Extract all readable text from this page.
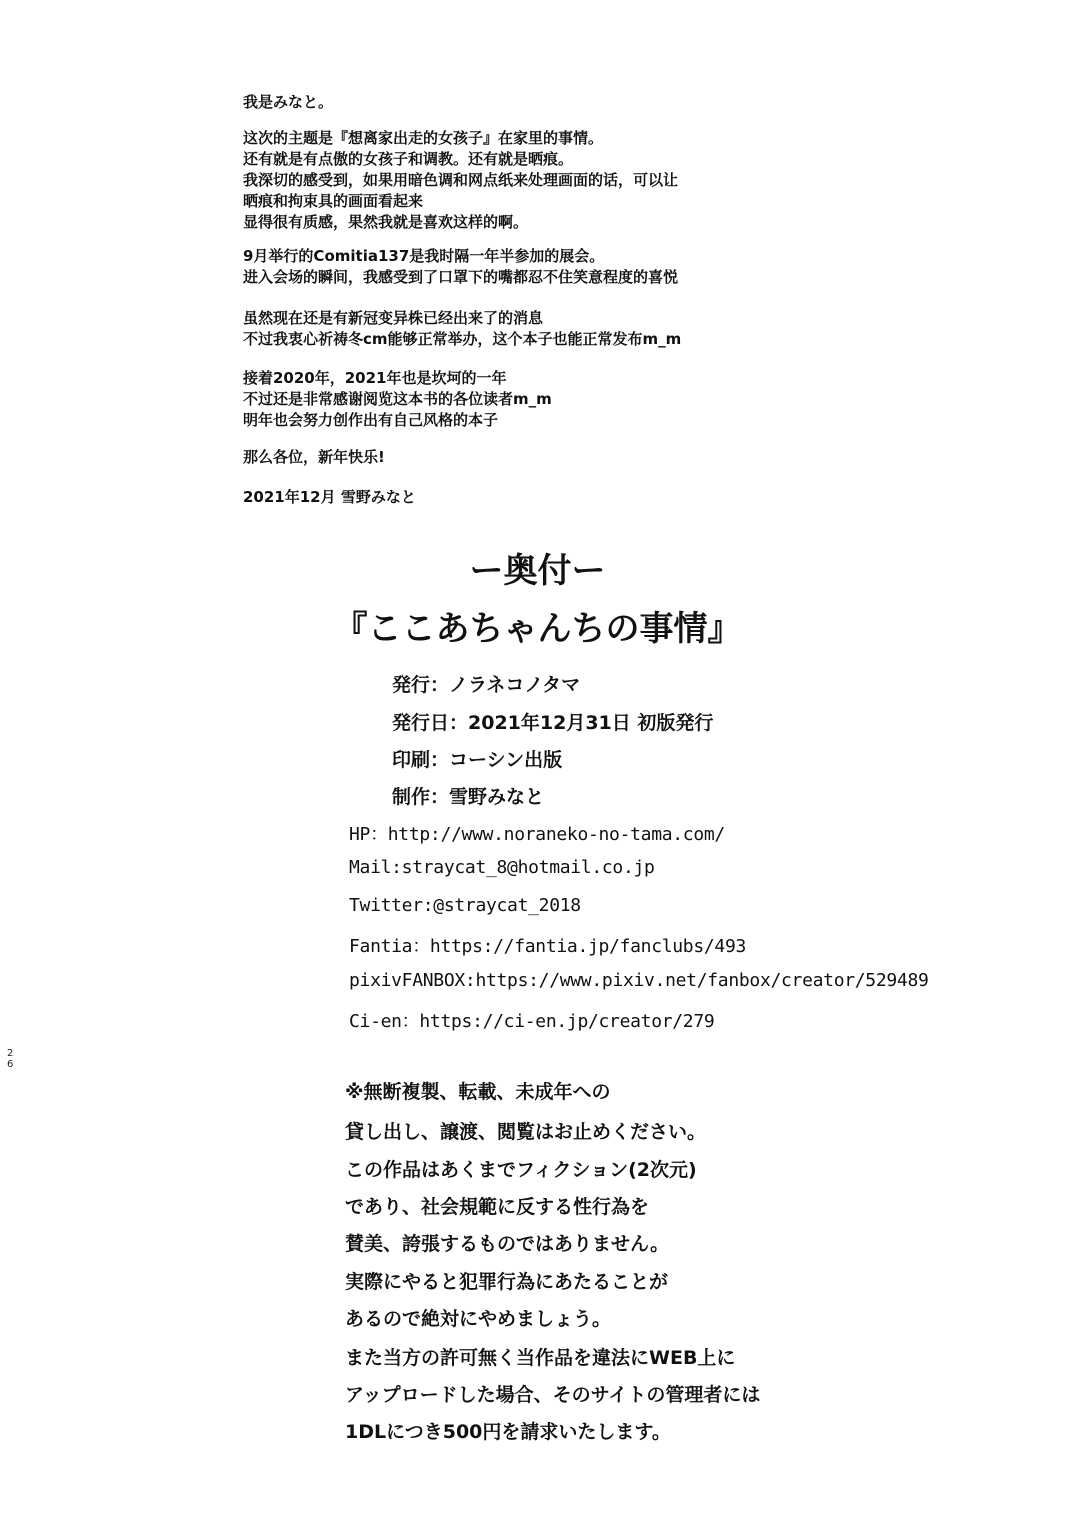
我是みなと。
这次的主题是『想离家出走的女孩子』在家里的事情。
还有就是有点傲的女孩子和调教。还有就是晒痕。
我深切的感受到，如果用暗色调和网点纸来处理画面的话，可以让
晒痕和拘束具的画面看起来
显得很有质感，果然我就是喜欢这样的啊。
9月举行的Comitia137是我时隔一年半参加的展会。
进入会场的瞬间，我感受到了口罩下的嘴都忍不住笑意程度的喜悦
虽然现在还是有新冠变异株已经出来了的消息
不过我衷心祈祷冬cm能够正常举办，这个本子也能正常发布m_m
接着2020年，2021年也是坎坷的一年
不过还是非常感谢阅览这本书的各位读者m_m
明年也会努力创作出有自己风格的本子
那么各位，新年快乐!
2021年12月 雪野みなと
ー奥付ー
『ここあちゃんちの事情』
発行：ノラネコノタマ
発行日：2021年12月31日 初版発行
印刷：コーシン出版
制作：雪野みなと
HP：http://www.noraneko-no-tama.com/
Mail:straycat_8@hotmail.co.jp
Twitter:@straycat_2018
Fantia：https://fantia.jp/fanclubs/493
pixivFANBOX:https://www.pixiv.net/fanbox/creator/529489
Ci-en：https://ci-en.jp/creator/279
※無断複製、転載、未成年への
貸し出し、譲渡、閲覧はお止めください。
この作品はあくまでフィクション(2次元)
であり、社会規範に反する性行為を
賛美、誇張するものではありません。
実際にやると犯罪行為にあたることが
あるので絶対にやめましょう。
また当方の許可無く当作品を違法にWEB上に
アップロードした場合、そのサイトの管理者には
1DLにつき500円を請求いたします。
2
6
